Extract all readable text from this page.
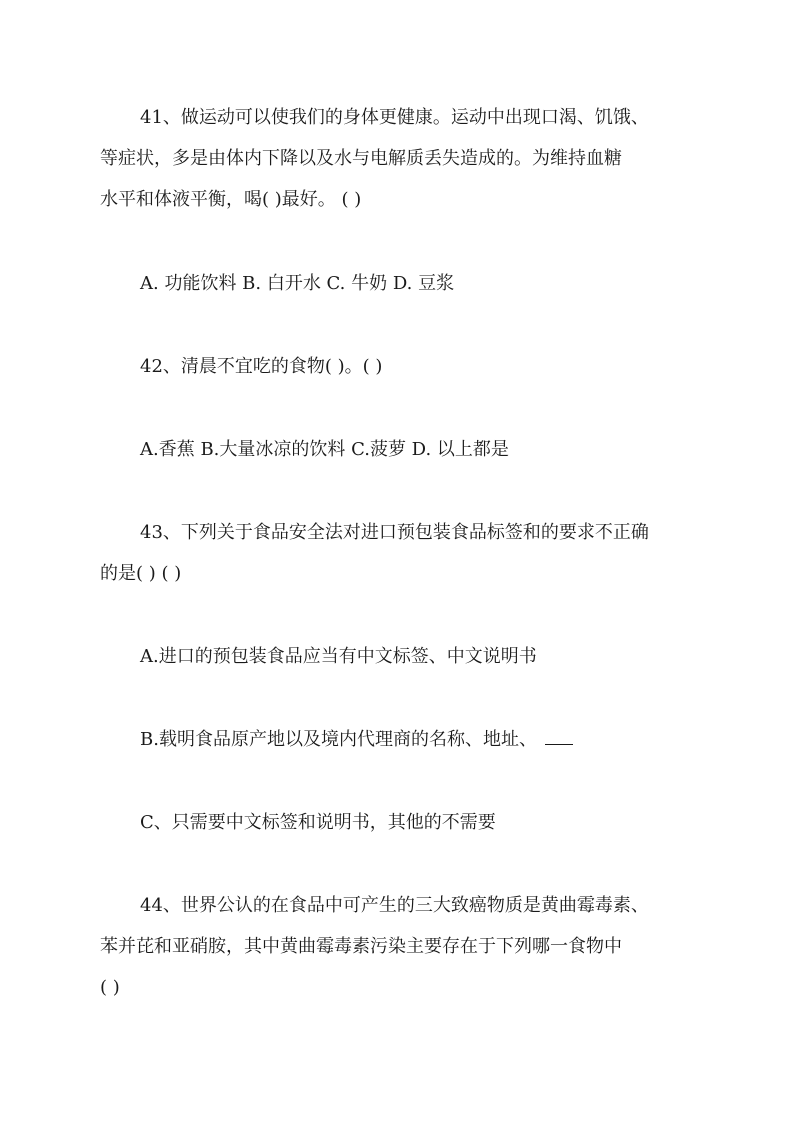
41、做运动可以使我们的身体更健康。运动中出现口渴、饥饿、
等症状，多是由体内下降以及水与电解质丢失造成的。为维持血糖
水平和体液平衡，喝( )最好。 ( )

A. 功能饮料 B. 白开水 C. 牛奶 D. 豆浆

42、清晨不宜吃的食物( )。( )

A.香蕉 B.大量冰凉的饮料 C.菠萝 D. 以上都是

43、下列关于食品安全法对进口预包装食品标签和的要求不正确
的是( ) ( )

A.进口的预包装食品应当有中文标签、中文说明书

B.载明食品原产地以及境内代理商的名称、地址、

C、只需要中文标签和说明书，其他的不需要

44、世界公认的在食品中可产生的三大致癌物质是黄曲霉毒素、
苯并芘和亚硝胺，其中黄曲霉毒素污染主要存在于下列哪一食物中
( )
